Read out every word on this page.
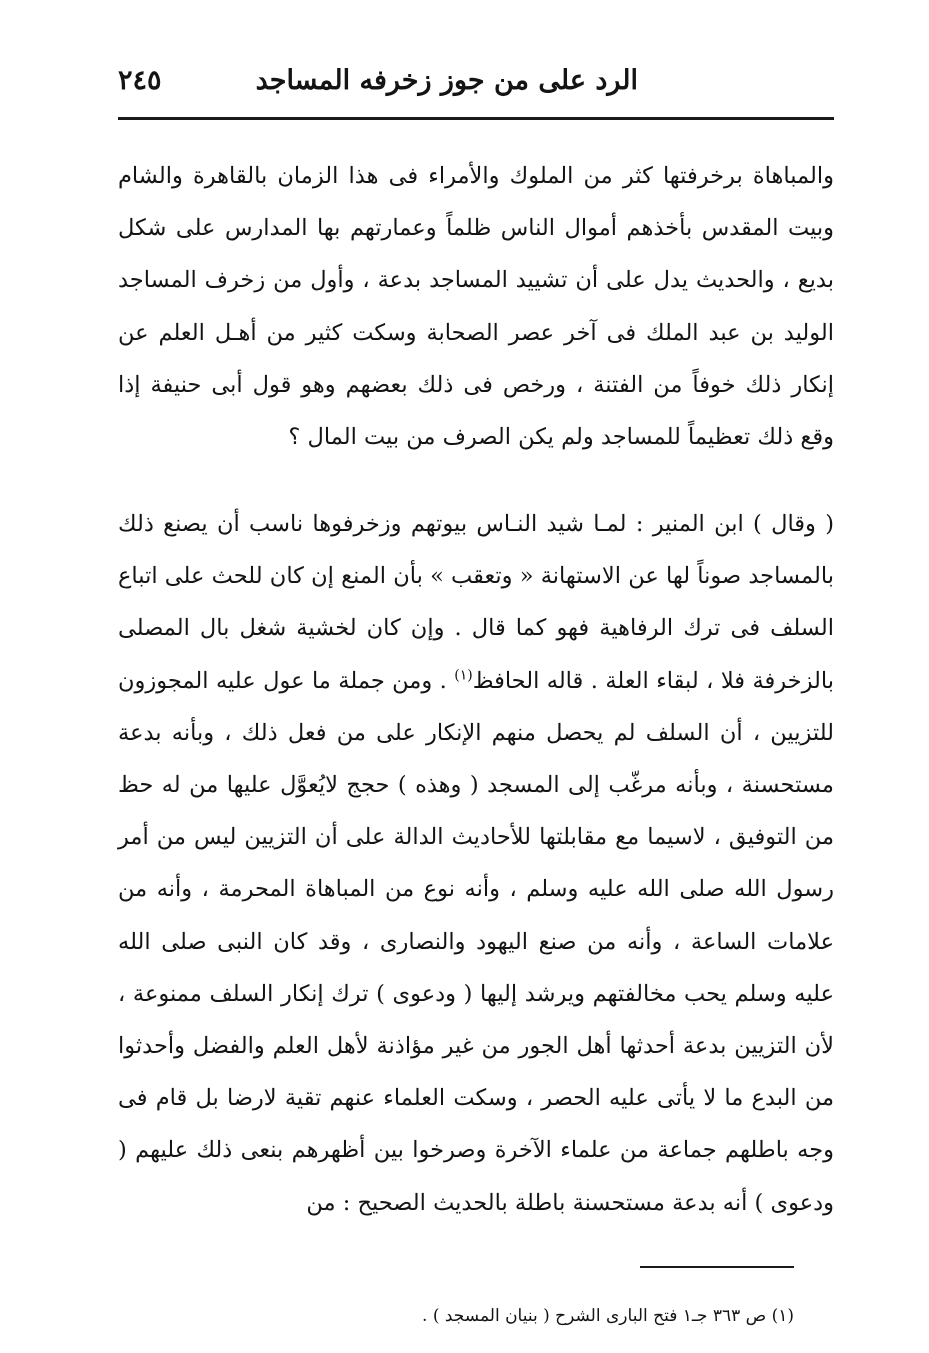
الرد على من جوز زخرفه المساجد
٢٤٥

والمباهاة برخرفتها كثر من الملوك والأمراء فى هذا الزمان بالقاهرة والشام وبيت المقدس بأخذهم أموال الناس ظلماً وعمارتهم بها المدارس على شكل بديع ، والحديث يدل على أن تشييد المساجد بدعة ، وأول من زخرف المساجد الوليد بن عبد الملك فى آخر عصر الصحابة وسكت كثير من أهـل العلم عن إنكار ذلك خوفاً من الفتنة ، ورخص فى ذلك بعضهم وهو قول أبى حنيفة إذا وقع ذلك تعظيماً للمساجد ولم يكن الصرف من بيت المال ؟

( وقال ) ابن المنير : لمـا شيد النـاس بيوتهم وزخرفوها ناسب أن يصنع ذلك بالمساجد صوناً لها عن الاستهانة « وتعقب » بأن المنع إن كان للحث على اتباع السلف فى ترك الرفاهية فهو كما قال . وإن كان لخشية شغل بال المصلى بالزخرفة فلا ، لبقاء العلة . قاله الحافظ$^{(١)}$ . ومن جملة ما عول عليه المجوزون للتزيين ، أن السلف لم يحصل منهم الإنكار على من فعل ذلك ، وبأنه بدعة مستحسنة ، وبأنه مرغّب إلى المسجد ( وهذه ) حجج لايُعوَّل عليها من له حظ من التوفيق ، لاسيما مع مقابلتها للأحاديث الدالة على أن التزيين ليس من أمر رسول الله صلى الله عليه وسلم ، وأنه نوع من المباهاة المحرمة ، وأنه من علامات الساعة ، وأنه من صنع اليهود والنصارى ، وقد كان النبى صلى الله عليه وسلم يحب مخالفتهم ويرشد إليها ( ودعوى ) ترك إنكار السلف ممنوعة ، لأن التزيين بدعة أحدثها أهل الجور من غير مؤاذنة لأهل العلم والفضل وأحدثوا من البدع ما لا يأتى عليه الحصر ، وسكت العلماء عنهم تقية لارضا بل قام فى وجه باطلهم جماعة من علماء الآخرة وصرخوا بين أظهرهم بنعى ذلك عليهم ( ودعوى ) أنه بدعة مستحسنة باطلة بالحديث الصحيح : من

(١) ص ٣٦٣ جـ١ فتح البارى الشرح ( بنيان المسجد ) .
